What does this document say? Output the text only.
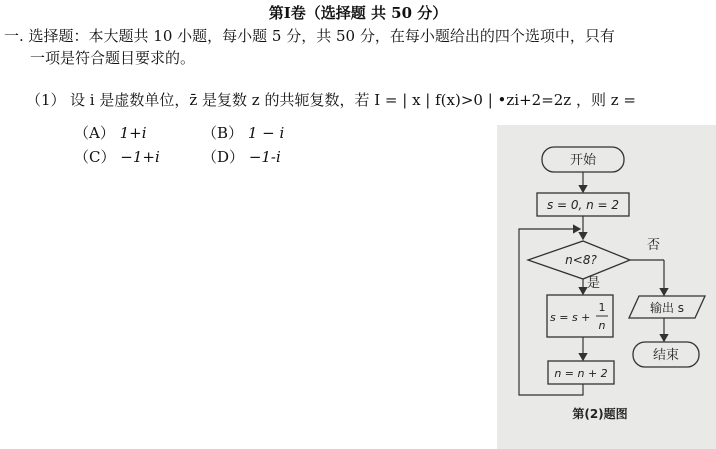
第Ⅰ卷（选择题 共 50 分）
一. 选择题：本大题共 10 小题，每小题 5 分，共 50 分，在每小题给出的四个选项中，只有
一项是符合题目要求的。
（1） 设 i 是虚数单位，z̄ 是复数 z 的共轭复数，若 I = | x | f(x)>0 | •zi+2=2z ，则 z =
（A） 1+i	（B） 1 − i
（C） −1+i	（D） −1-i	开始
s = 0, n = 2
n<8?
否
是
s = s +
1
n
n = n + 2
输出 s
结束
第(2)题图
